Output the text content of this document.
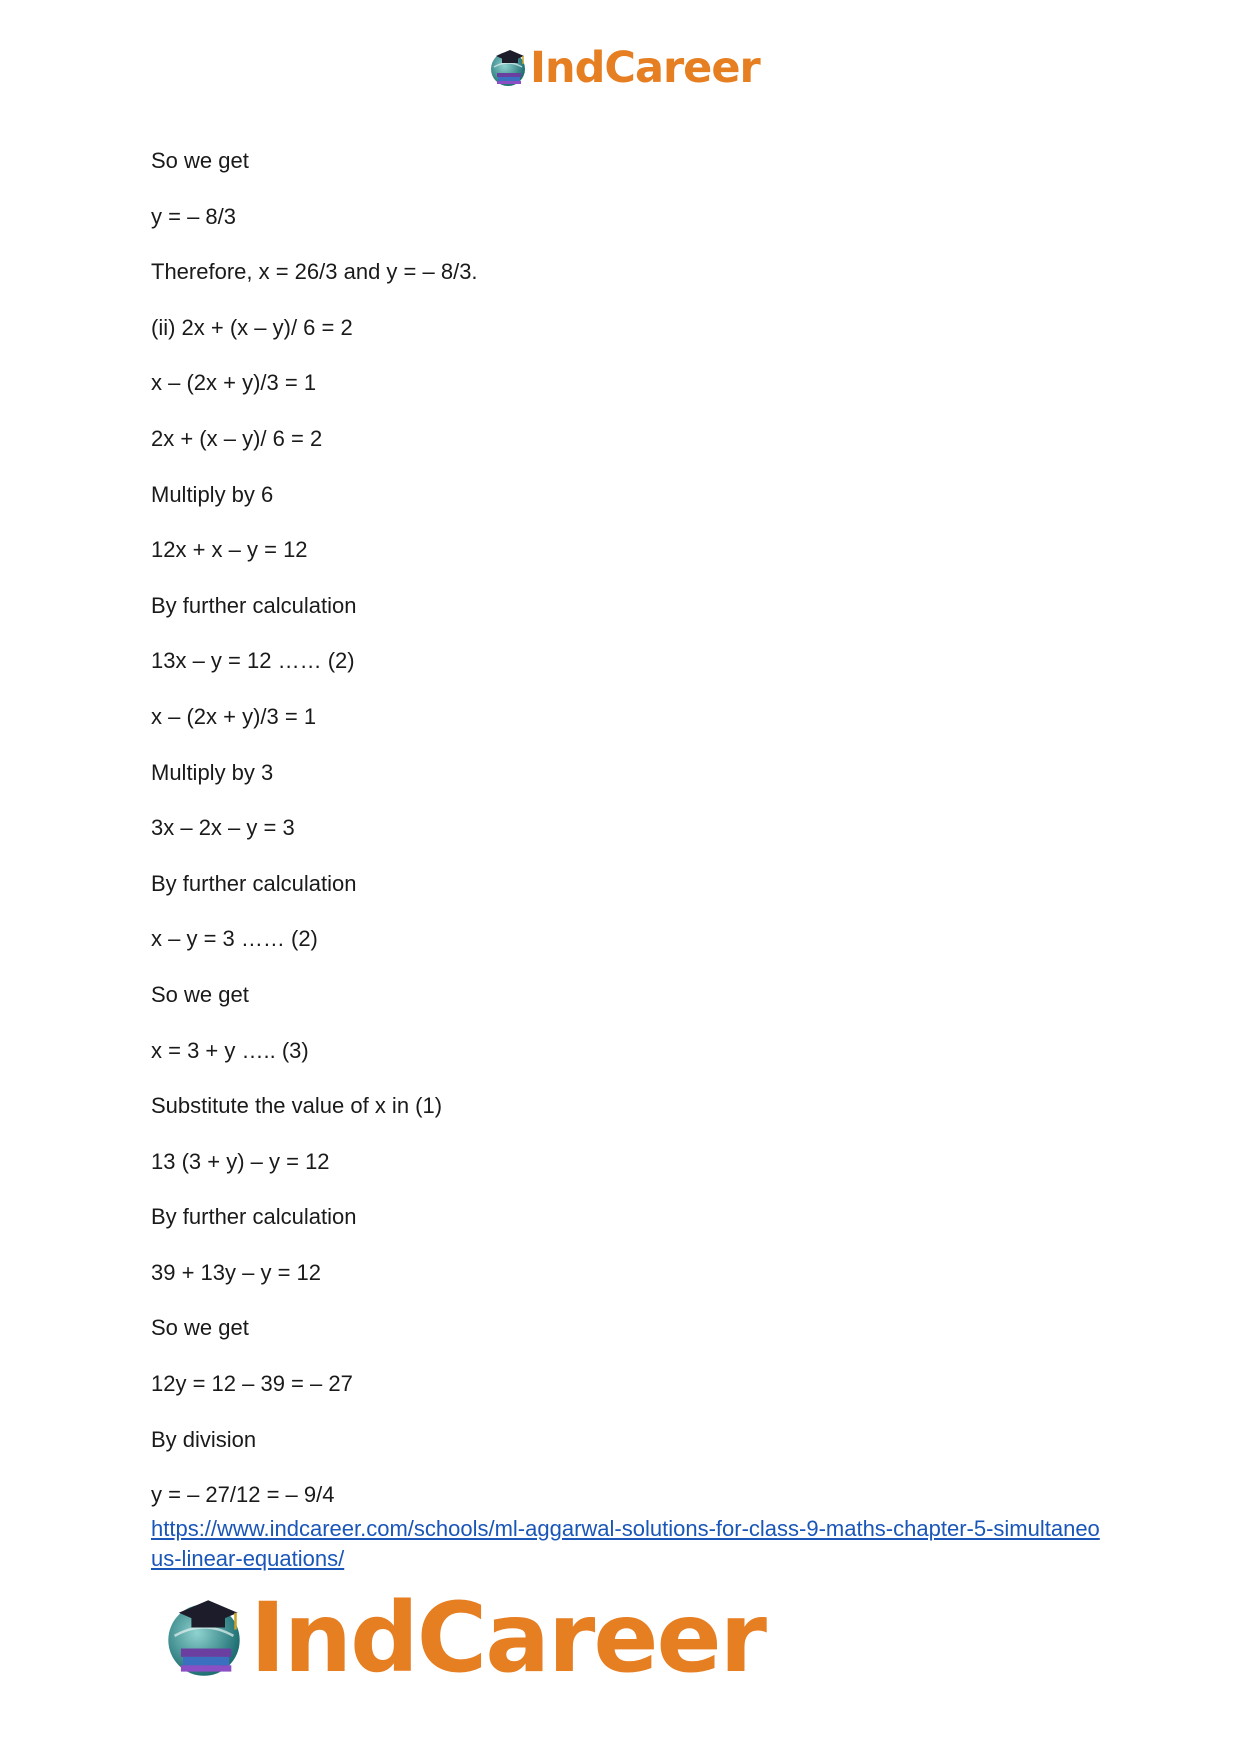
IndCareer
So we get
y = – 8/3
Therefore, x = 26/3 and y = – 8/3.
(ii) 2x + (x – y)/ 6 = 2
x – (2x + y)/3 = 1
2x + (x – y)/ 6 = 2
Multiply by 6
12x + x – y = 12
By further calculation
13x – y = 12 …… (2)
x – (2x + y)/3 = 1
Multiply by 3
3x – 2x – y = 3
By further calculation
x – y = 3 …… (2)
So we get
x = 3 + y ….. (3)
Substitute the value of x in (1)
13 (3 + y) – y = 12
By further calculation
39 + 13y – y = 12
So we get
12y = 12 – 39 = – 27
By division
y = – 27/12 = – 9/4
https://www.indcareer.com/schools/ml-aggarwal-solutions-for-class-9-maths-chapter-5-simultaneous-linear-equations/
IndCareer
